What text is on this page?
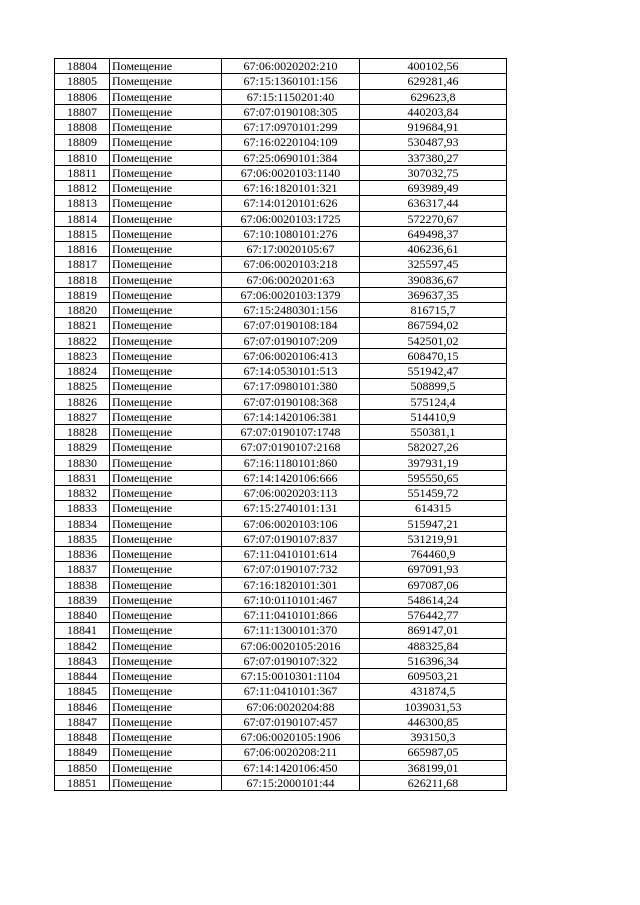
18804	Помещение	67:06:0020202:210	400102,56
18805	Помещение	67:15:1360101:156	629281,46
18806	Помещение	67:15:1150201:40	629623,8
18807	Помещение	67:07:0190108:305	440203,84
18808	Помещение	67:17:0970101:299	919684,91
18809	Помещение	67:16:0220104:109	530487,93
18810	Помещение	67:25:0690101:384	337380,27
18811	Помещение	67:06:0020103:1140	307032,75
18812	Помещение	67:16:1820101:321	693989,49
18813	Помещение	67:14:0120101:626	636317,44
18814	Помещение	67:06:0020103:1725	572270,67
18815	Помещение	67:10:1080101:276	649498,37
18816	Помещение	67:17:0020105:67	406236,61
18817	Помещение	67:06:0020103:218	325597,45
18818	Помещение	67:06:0020201:63	390836,67
18819	Помещение	67:06:0020103:1379	369637,35
18820	Помещение	67:15:2480301:156	816715,7
18821	Помещение	67:07:0190108:184	867594,02
18822	Помещение	67:07:0190107:209	542501,02
18823	Помещение	67:06:0020106:413	608470,15
18824	Помещение	67:14:0530101:513	551942,47
18825	Помещение	67:17:0980101:380	508899,5
18826	Помещение	67:07:0190108:368	575124,4
18827	Помещение	67:14:1420106:381	514410,9
18828	Помещение	67:07:0190107:1748	550381,1
18829	Помещение	67:07:0190107:2168	582027,26
18830	Помещение	67:16:1180101:860	397931,19
18831	Помещение	67:14:1420106:666	595550,65
18832	Помещение	67:06:0020203:113	551459,72
18833	Помещение	67:15:2740101:131	614315
18834	Помещение	67:06:0020103:106	515947,21
18835	Помещение	67:07:0190107:837	531219,91
18836	Помещение	67:11:0410101:614	764460,9
18837	Помещение	67:07:0190107:732	697091,93
18838	Помещение	67:16:1820101:301	697087,06
18839	Помещение	67:10:0110101:467	548614,24
18840	Помещение	67:11:0410101:866	576442,77
18841	Помещение	67:11:1300101:370	869147,01
18842	Помещение	67:06:0020105:2016	488325,84
18843	Помещение	67:07:0190107:322	516396,34
18844	Помещение	67:15:0010301:1104	609503,21
18845	Помещение	67:11:0410101:367	431874,5
18846	Помещение	67:06:0020204:88	1039031,53
18847	Помещение	67:07:0190107:457	446300,85
18848	Помещение	67:06:0020105:1906	393150,3
18849	Помещение	67:06:0020208:211	665987,05
18850	Помещение	67:14:1420106:450	368199,01
18851	Помещение	67:15:2000101:44	626211,68
